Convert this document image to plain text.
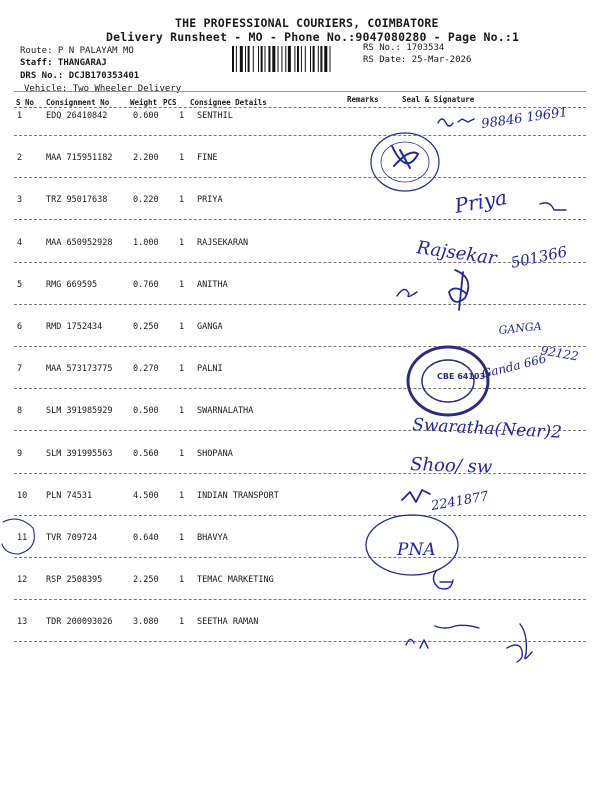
THE PROFESSIONAL COURIERS, COIMBATORE
Delivery Runsheet - MO - Phone No.:9047080280 - Page No.:1
Route: P N PALAYAM MO
Staff: THANGARAJ
DRS No.: DCJB170353401
Vehicle: Two Wheeler Delivery
RS No.: 1703534
RS Date: 25-Mar-2026
S No Consignment No	Weight PCS Consignee Details	Remarks	Seal & Signature
1	EDQ 26410842	0.600 1 SENTHIL
2	MAA 715951182 2.200 1 FINE
3	TRZ 95017638	0.220 1 PRIYA
4	MAA 650952928 1.000 1 RAJSEKARAN
5	RMG 669595	0.760 1 ANITHA
6	RMD 1752434	0.250 1 GANGA
7	MAA 573173775 0.270 1 PALNI
8	SLM 391985929 0.500 1 SWARNALATHA
9	SLM 391995563 0.560 1 SHOPANA
10 PLN 74531	4.500 1 INDIAN TRANSPORT
11 TVR 709724	0.640 1 BHAVYA
12 RSP 2508395	2.250 1 TEMAC MARKETING
13 TDR 200093026 3.080 1 SEETHA RAMAN
CBE 641037
98846 19691
Priya
Rajsekar 501366
GANGA
92122
Ganda 666
Swaratha(Near)2
Shoo/ sw
2241877
PNA
